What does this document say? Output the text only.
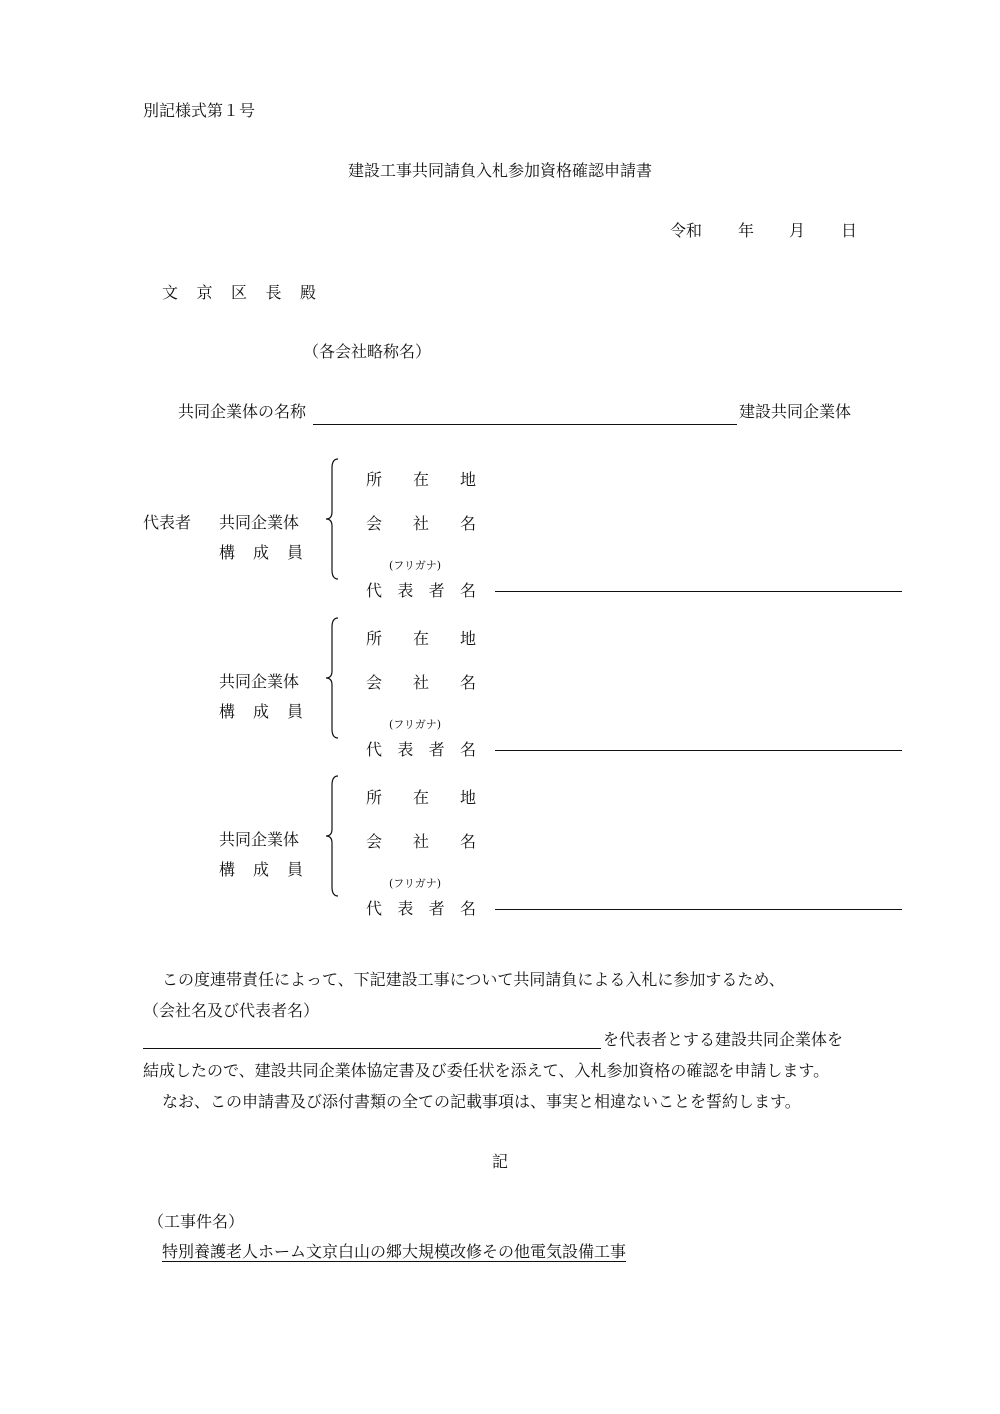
別記様式第１号
建設工事共同請負入札参加資格確認申請書
令和 年 月 日
文 京 区 長 殿
（各会社略称名）
共同企業体の名称	建設共同企業体
代表者 共同企業体
構 成 員
所 在 地
会 社 名
(フリガナ)
代 表 者 名
共同企業体
構 成 員
所 在 地
会 社 名
(フリガナ)
代 表 者 名
共同企業体
構 成 員
所 在 地
会 社 名
(フリガナ)
代 表 者 名
この度連帯責任によって、下記建設工事について共同請負による入札に参加するため、
（会社名及び代表者名）
を代表者とする建設共同企業体を
結成したので、建設共同企業体協定書及び委任状を添えて、入札参加資格の確認を申請します。
なお、この申請書及び添付書類の全ての記載事項は、事実と相違ないことを誓約します。
記
（工事件名）
特別養護老人ホーム文京白山の郷大規模改修その他電気設備工事
